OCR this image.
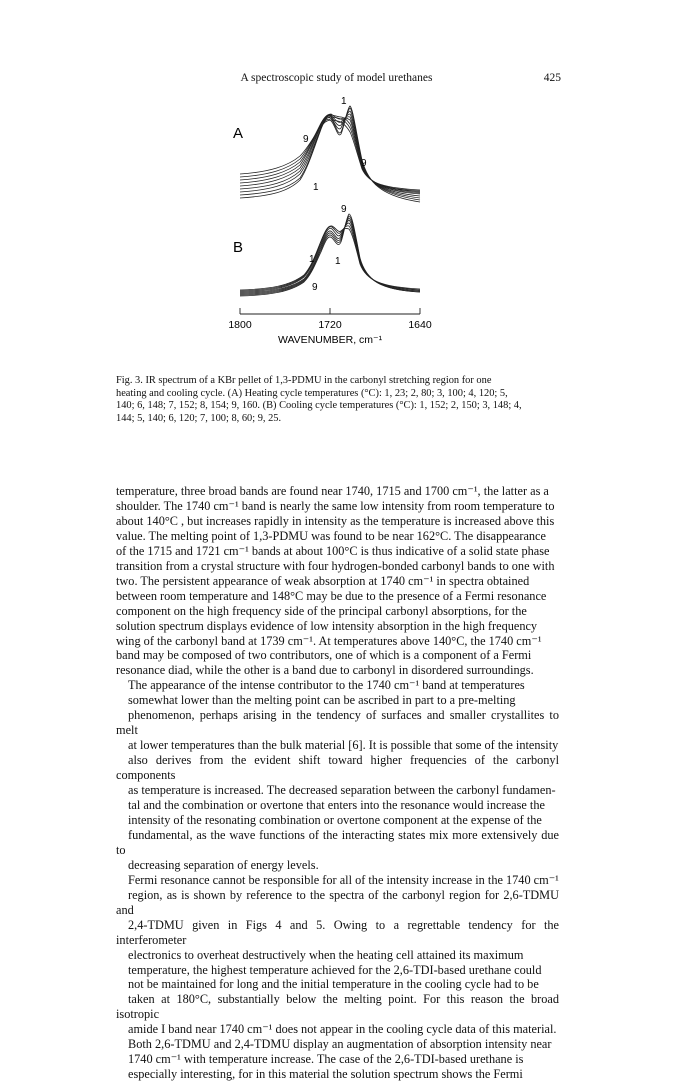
A spectroscopic study of model urethanes	425
A
1
9
9
1
B
9
1 1
9
1800	1720	1640
WAVENUMBER, cm⁻¹
Fig. 3. IR spectrum of a KBr pellet of 1,3-PDMU in the carbonyl stretching region for one
heating and cooling cycle. (A) Heating cycle temperatures (°C): 1, 23; 2, 80; 3, 100; 4, 120; 5,
140; 6, 148; 7, 152; 8, 154; 9, 160. (B) Cooling cycle temperatures (°C): 1, 152; 2, 150; 3, 148; 4,
144; 5, 140; 6, 120; 7, 100; 8, 60; 9, 25.

temperature, three broad bands are found near 1740, 1715 and 1700 cm⁻¹, the latter as a
shoulder. The 1740 cm⁻¹ band is nearly the same low intensity from room temperature to
about 140°C , but increases rapidly in intensity as the temperature is increased above this
value. The melting point of 1,3-PDMU was found to be near 162°C. The disappearance
of the 1715 and 1721 cm⁻¹ bands at about 100°C is thus indicative of a solid state phase
transition from a crystal structure with four hydrogen-bonded carbonyl bands to one with
two. The persistent appearance of weak absorption at 1740 cm⁻¹ in spectra obtained
between room temperature and 148°C may be due to the presence of a Fermi resonance
component on the high frequency side of the principal carbonyl absorptions, for the
solution spectrum displays evidence of low intensity absorption in the high frequency
wing of the carbonyl band at 1739 cm⁻¹. At temperatures above 140°C, the 1740 cm⁻¹
band may be composed of two contributors, one of which is a component of a Fermi
resonance diad, while the other is a band due to carbonyl in disordered surroundings.

The appearance of the intense contributor to the 1740 cm⁻¹ band at temperatures
somewhat lower than the melting point can be ascribed in part to a pre-melting
phenomenon, perhaps arising in the tendency of surfaces and smaller crystallites to melt
at lower temperatures than the bulk material [6]. It is possible that some of the intensity
also derives from the evident shift toward higher frequencies of the carbonyl components
as temperature is increased. The decreased separation between the carbonyl fundamen-
tal and the combination or overtone that enters into the resonance would increase the
intensity of the resonating combination or overtone component at the expense of the
fundamental, as the wave functions of the interacting states mix more extensively due to
decreasing separation of energy levels.

Fermi resonance cannot be responsible for all of the intensity increase in the 1740 cm⁻¹
region, as is shown by reference to the spectra of the carbonyl region for 2,6-TDMU and
2,4-TDMU given in Figs 4 and 5. Owing to a regrettable tendency for the interferometer
electronics to overheat destructively when the heating cell attained its maximum
temperature, the highest temperature achieved for the 2,6-TDI-based urethane could
not be maintained for long and the initial temperature in the cooling cycle had to be
taken at 180°C, substantially below the melting point. For this reason the broad isotropic
amide I band near 1740 cm⁻¹ does not appear in the cooling cycle data of this material.
Both 2,6-TDMU and 2,4-TDMU display an augmentation of absorption intensity near
1740 cm⁻¹ with temperature increase. The case of the 2,6-TDI-based urethane is
especially interesting, for in this material the solution spectrum shows the Fermi
